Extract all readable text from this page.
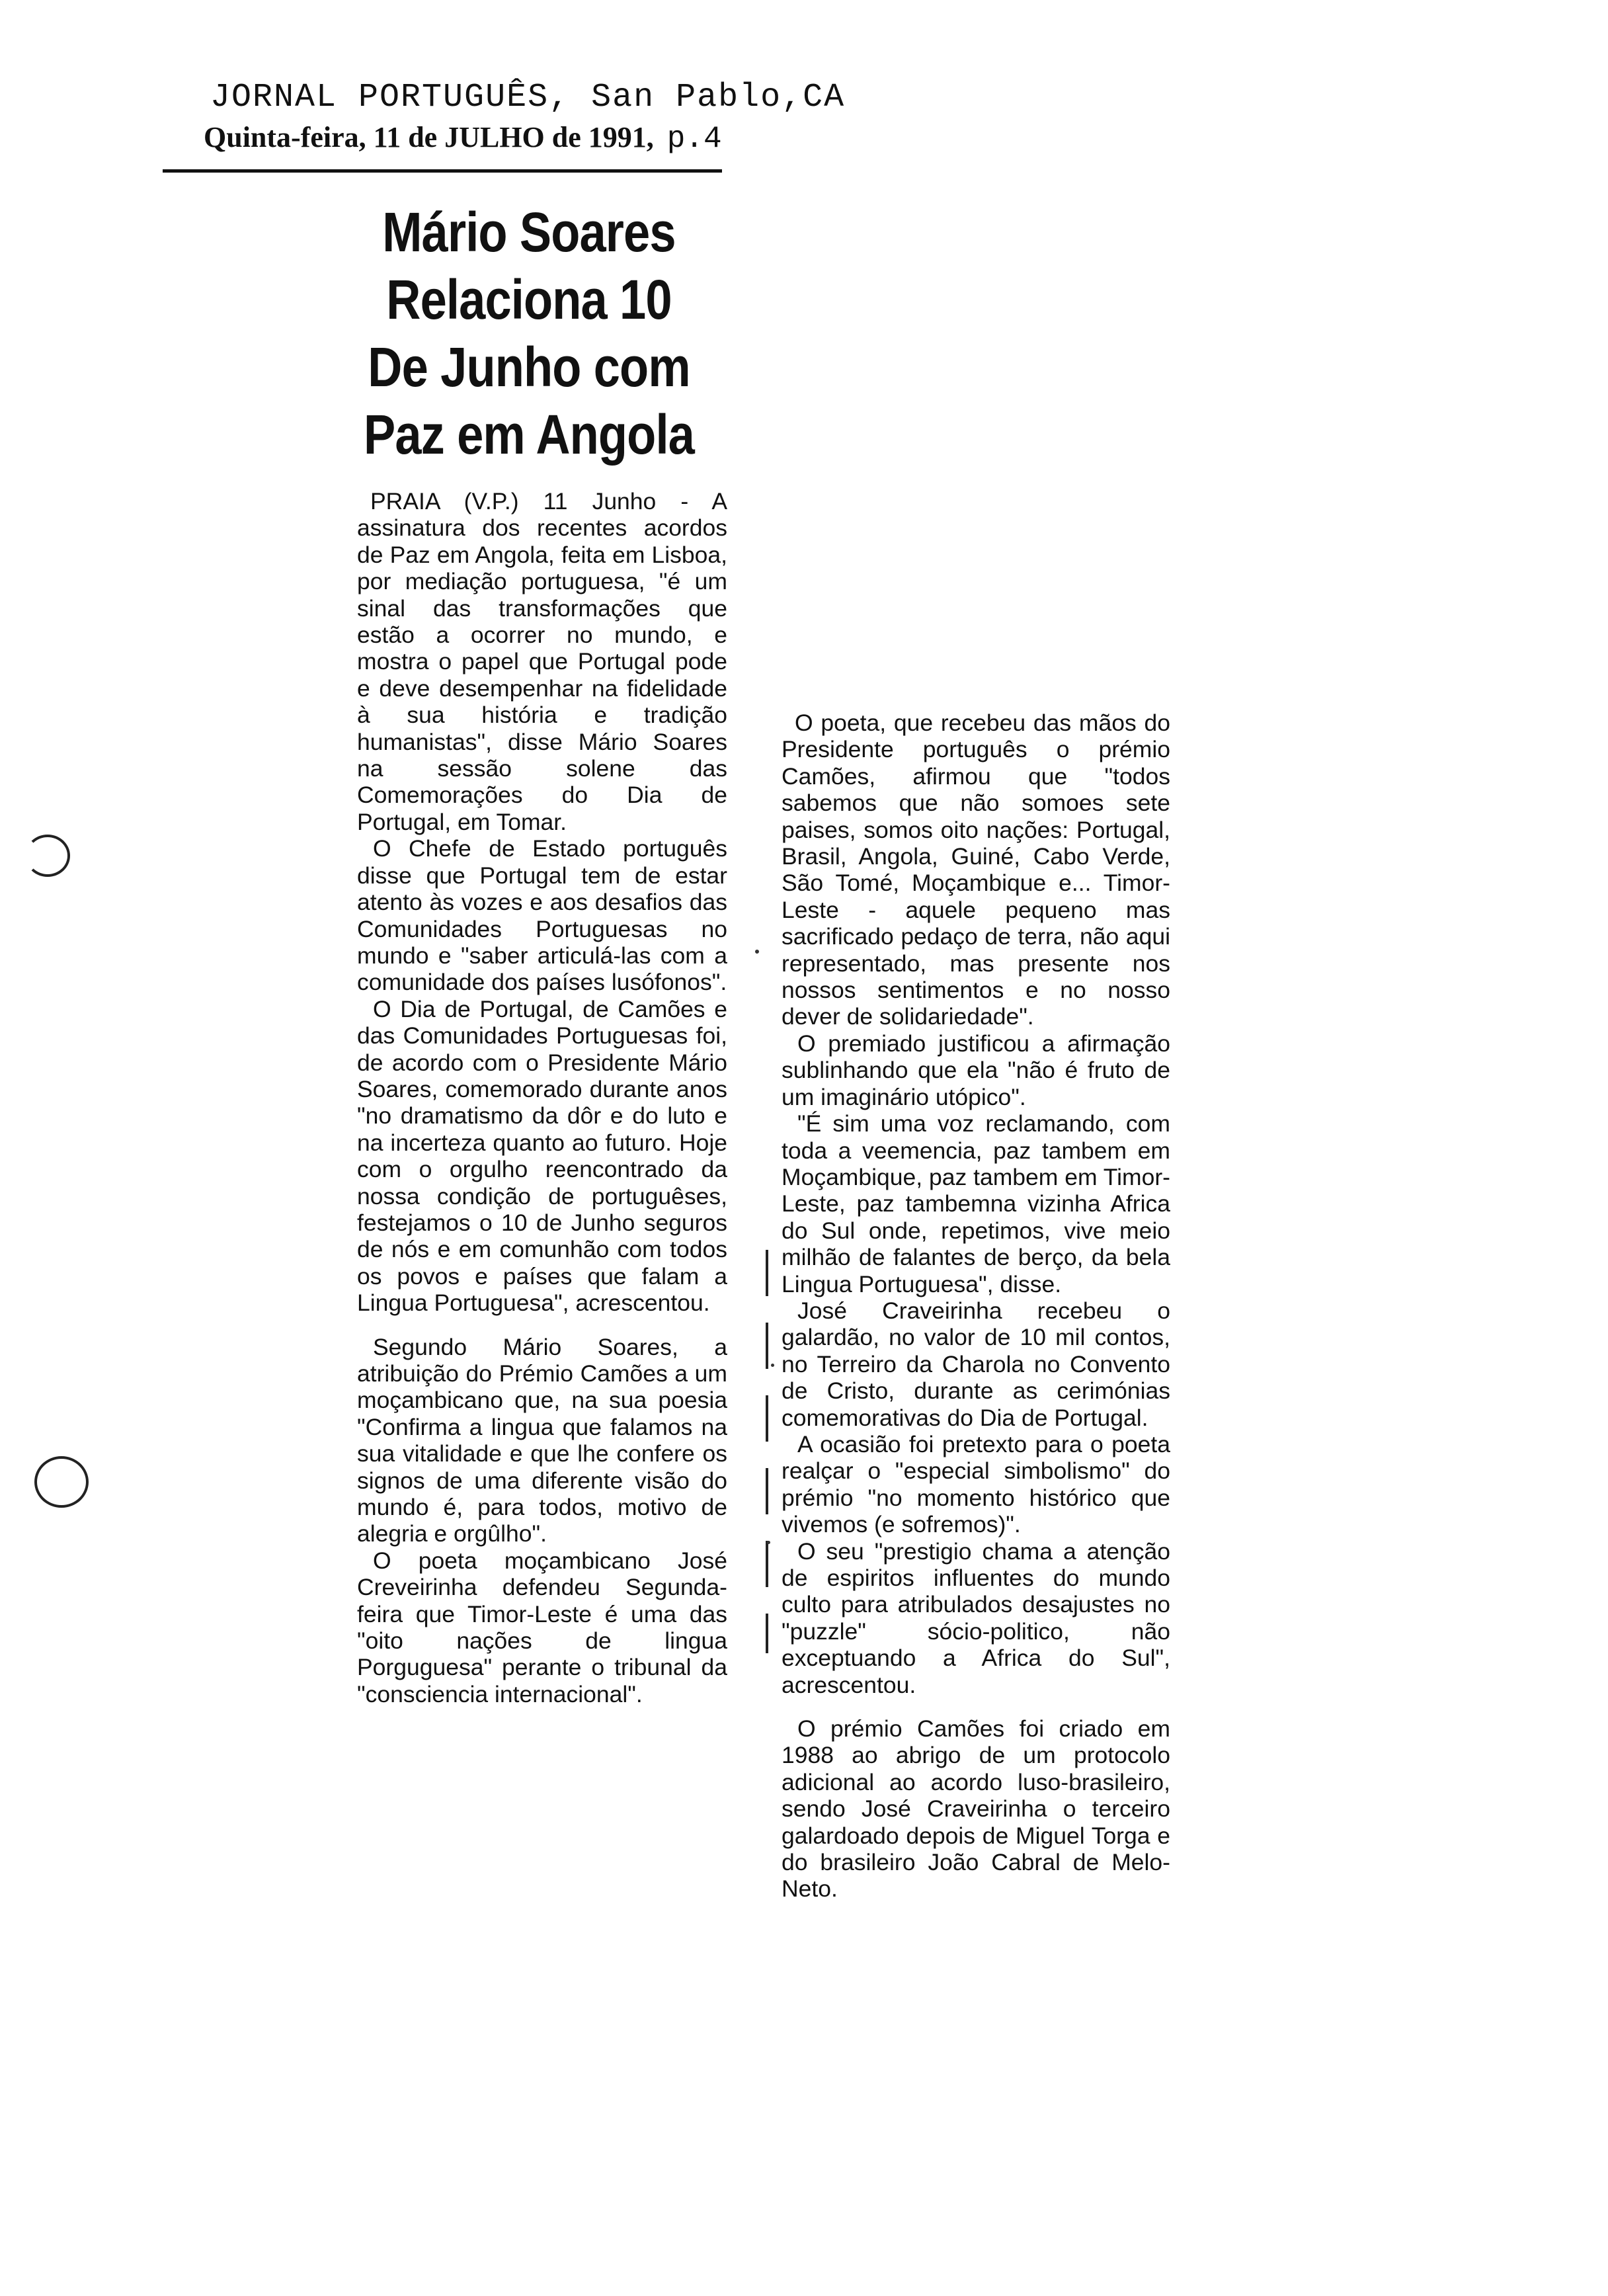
JORNAL PORTUGUÊS, San Pablo,CA
Quinta-feira, 11 de JULHO de 1991, p.4
Mário Soares
Relaciona 10
De Junho com
Paz em Angola

PRAIA (V.P.) 11 Junho - A assinatura dos recentes acordos de Paz em Angola, feita em Lisboa, por mediação portuguesa, "é um sinal das transformações que estão a ocorrer no mundo, e mostra o papel que Portugal pode e deve desempenhar na fidelidade à sua história e tradição humanistas", disse Mário Soares na sessão solene das Comemorações do Dia de Portugal, em Tomar.

O Chefe de Estado português disse que Portugal tem de estar atento às vozes e aos desafios das Comunidades Portuguesas no mundo e "saber articulá-las com a comunidade dos países lusófonos".

O Dia de Portugal, de Camões e das Comunidades Portuguesas foi, de acordo com o Presidente Mário Soares, comemorado durante anos "no dramatismo da dôr e do luto e na incerteza quanto ao futuro. Hoje com o orgulho reencontrado da nossa condição de portuguêses, festejamos o 10 de Junho seguros de nós e em comunhão com todos os povos e países que falam a Lingua Portuguesa", acrescentou.

Segundo Mário Soares, a atribuição do Prémio Camões a um moçambicano que, na sua poesia "Confirma a lingua que falamos na sua vitalidade e que lhe confere os signos de uma diferente visão do mundo é, para todos, motivo de alegria e orgûlho".

O poeta moçambicano José Creveirinha defendeu Segunda-feira que Timor-Leste é uma das "oito nações de lingua Porguguesa" perante o tribunal da "consciencia internacional".

O poeta, que recebeu das mãos do Presidente português o prémio Camões, afirmou que "todos sabemos que não somoes sete paises, somos oito nações: Portugal, Brasil, Angola, Guiné, Cabo Verde, São Tomé, Moçambique e... Timor-Leste - aquele pequeno mas sacrificado pedaço de terra, não aqui representado, mas presente nos nossos sentimentos e no nosso dever de solidariedade".

O premiado justificou a afirmação sublinhando que ela "não é fruto de um imaginário utópico".

"É sim uma voz reclamando, com toda a veemencia, paz tambem em Moçambique, paz tambem em Timor-Leste, paz tambemna vizinha Africa do Sul onde, repetimos, vive meio milhão de falantes de berço, da bela Lingua Portuguesa", disse.

José Craveirinha recebeu o galardão, no valor de 10 mil contos, no Terreiro da Charola no Convento de Cristo, durante as cerimónias comemorativas do Dia de Portugal.

A ocasião foi pretexto para o poeta realçar o "especial simbolismo" do prémio "no momento histórico que vivemos (e sofremos)".

O seu "prestigio chama a atenção de espiritos influentes do mundo culto para atribulados desajustes no "puzzle" sócio-politico, não exceptuando a Africa do Sul", acrescentou.

O prémio Camões foi criado em 1988 ao abrigo de um protocolo adicional ao acordo luso-brasileiro, sendo José Craveirinha o terceiro galardoado depois de Miguel Torga e do brasileiro João Cabral de Melo-Neto.
